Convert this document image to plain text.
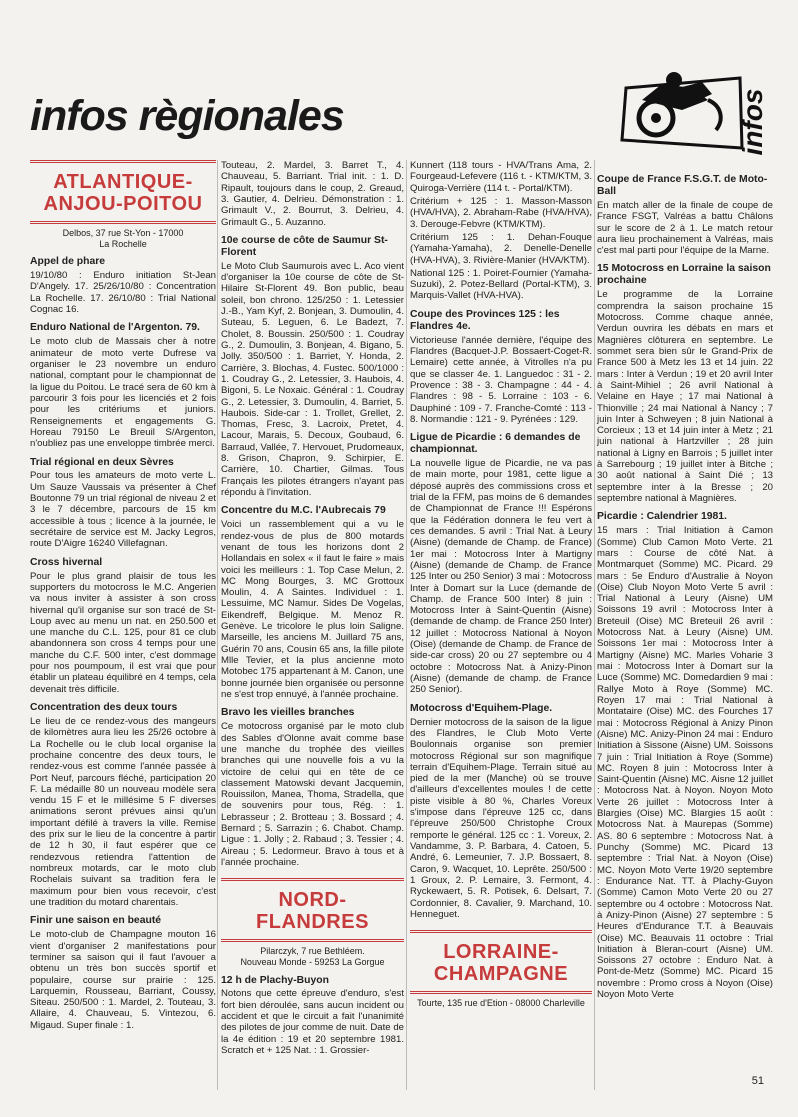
infos règionales	infos
ATLANTIQUE-
ANJOU-POITOU
Delbos, 37 rue St-Yon - 17000
La Rochelle
Appel de phare

19/10/80 : Enduro initiation St-Jean D'Angely. 17. 25/26/10/80 : Concentration La Rochelle. 17. 26/10/80 : Trial National Cognac 16.

Enduro National de l'Argenton. 79.

Le moto club de Massais cher à notre animateur de moto verte Dufrese va organiser le 23 novembre un enduro national, comptant pour le championnat de la ligue du Poitou. Le tracé sera de 60 km à parcourir 3 fois pour les licenciés et 2 fois pour les critériums et juniors. Renseignements et engagements G. Horeau 79150 Le Breuil S/Argenton, n'oubliez pas une enveloppe timbrée merci.

Trial régional en deux Sèvres

Pour tous les amateurs de moto verte L. Um Sauze Vaussais va présenter à Chef Boutonne 79 un trial régional de niveau 2 et 3 le 7 décembre, parcours de 15 km accessible à tous ; licence à la journée, le secrétaire de service est M. Jacky Legros, route D'Aigre 16240 Villefagnan.

Cross hivernal

Pour le plus grand plaisir de tous les supporters du motocross le M.C. Angerien va nous inviter à assister à son cross hivernal qu'il organise sur son tracé de St-Loup avec au menu un nat. en 250.500 et une manche du C.L. 125, pour 81 ce club abandonnera son cross 4 temps pour une manche du C.F. 500 inter, c'est dommage pour nos poumpoum, il est vrai que pour établir un plateau équilibré en 4 temps, cela devenait très difficile.

Concentration des deux tours

Le lieu de ce rendez-vous des mangeurs de kilomètres aura lieu les 25/26 octobre à La Rochelle ou le club local organise la prochaine concentre des deux tours, le rendez-vous est comme l'année passée à Port Neuf, parcours fléché, participation 20 F. La médaille 80 un nouveau modèle sera vendu 15 F et le millésime 5 F diverses animations seront prévues ainsi qu'un important défilé à travers la ville. Remise des prix sur le lieu de la concentre à partir de 12 h 30, il faut espérer que ce rendezvous retiendra l'attention de nombreux motards, car le moto club Rochelais suivant sa tradition fera le maximum pour bien vous recevoir, c'est une tradition du motard charentais.

Finir une saison en beauté

Le moto-club de Champagne mouton 16 vient d'organiser 2 manifestations pour terminer sa saison qui il faut l'avouer a obtenu un très bon succès sportif et populaire, course sur prairie : 125. Larquemin, Rousseau, Barriant, Coussy, Siteau. 250/500 : 1. Mardel, 2. Touteau, 3. Allaire, 4. Chauveau, 5. Vintezou, 6. Migaud. Super finale : 1.

Touteau, 2. Mardel, 3. Barret T., 4. Chauveau, 5. Barriant. Trial init. : 1. D. Ripault, toujours dans le coup, 2. Greaud, 3. Gautier, 4. Delrieu. Démonstration : 1. Grimault V., 2. Bourrut, 3. Delrieu, 4. Grimault G., 5. Auzanno.

10e course de côte de Saumur St-Florent

Le Moto Club Saumurois avec L. Aco vient d'organiser la 10e course de côte de St-Hilaire St-Florent 49. Bon public, beau soleil, bon chrono. 125/250 : 1. Letessier J.-B., Yam Kyf, 2. Bonjean, 3. Dumoulin, 4. Suteau, 5. Leguen, 6. Le Badezt, 7. Cholet, 8. Boussin. 250/500 : 1. Coudray G., 2. Dumoulin, 3. Bonjean, 4. Bigano, 5. Jolly. 350/500 : 1. Barriet, Y. Honda, 2. Carrière, 3. Blochas, 4. Fustec. 500/1000 : 1. Coudray G., 2. Letessier, 3. Haubois, 4. Bigoni, 5. Le Noxaic. Général : 1. Coudray G., 2. Letessier, 3. Dumoulin, 4. Barriet, 5. Haubois. Side-car : 1. Trollet, Grellet, 2. Thomas, Fresc, 3. Lacroix, Pretet, 4. Lacour, Marais, 5. Decoux, Goubaud, 6. Barraud, Vallée, 7. Hervouet, Prudomeaux, 8. Grison, Chapron, 9. Schirpier, E. Carrière, 10. Chartier, Gilmas. Tous Français les pilotes étrangers n'ayant pas répondu à l'invitation.

Concentre du M.C. l'Aubrecais 79

Voici un rassemblement qui a vu le rendez-vous de plus de 800 motards venant de tous les horizons dont 2 Hollandais en solex « il faut le faire » mais voici les meilleurs : 1. Top Case Melun, 2. MC Mong Bourges, 3. MC Grottoux Moulin, 4. A Saintes. Individuel : 1. Lessuime, MC Namur. Sides De Vogelas, Eikendreff, Belgique. M. Menoz R. Genève. Le tricolore le plus loin Saligne. Marseille, les anciens M. Juillard 75 ans, Guérin 70 ans, Cousin 65 ans, la fille pilote Mlle Tevier, et la plus ancienne moto Motobec 175 appartenant à M. Canon, une bonne journée bien organisée ou personne ne s'est trop ennuyé, à l'année prochaine.

Bravo les vieilles branches

Ce motocross organisé par le moto club des Sables d'Olonne avait comme base une manche du trophée des vieilles branches qui une nouvelle fois a vu la victoire de celui qui en tête de ce classement Matowski devant Jacquemin, Rouissilon, Manea, Thoma, Stradella, que de souvenirs pour tous, Rég. : 1. Lebrasseur ; 2. Brotteau ; 3. Bossard ; 4. Bernard ; 5. Sarrazin ; 6. Chabot. Champ. Ligue : 1. Jolly ; 2. Rabaud ; 3. Tessier ; 4. Aireau ; 5. Ledormeur. Bravo à tous et à l'année prochaine.

NORD-
FLANDRES
Pilarczyk, 7 rue Bethléem.
Nouveau Monde - 59253 La Gorgue
12 h de Plachy-Buyon

Notons que cette épreuve d'enduro, s'est fort bien déroulée, sans aucun incident ou accident et que le circuit a fait l'unanimité des pilotes de jour comme de nuit. Date de la 4e édition : 19 et 20 septembre 1981. Scratch et + 125 Nat. : 1. Grossier-

Kunnert (118 tours - HVA/Trans Ama, 2. Fourgeaud-Lefevere (116 t. - KTM/KTM, 3. Quiroga-Verrière (114 t. - Portal/KTM).

Critérium + 125 : 1. Masson-Masson (HVA/HVA), 2. Abraham-Rabe (HVA/HVA), 3. Derouge-Febvre (KTM/KTM).

Critérium 125 : 1. Dehan-Fouque (Yamaha-Yamaha), 2. Denelle-Denelle (HVA-HVA), 3. Rivière-Manier (HVA/KTM).

National 125 : 1. Poiret-Fournier (Yamaha-Suzuki), 2. Potez-Bellard (Portal-KTM), 3. Marquis-Vallet (HVA-HVA).

Coupe des Provinces 125 : les Flandres 4e.

Victorieuse l'année dernière, l'équipe des Flandres (Bacquet-J.P. Bossaert-Coget-R. Lemaire) cette année, à Vitrolles n'a pu que se classer 4e. 1. Languedoc : 31 - 2. Provence : 38 - 3. Champagne : 44 - 4. Flandres : 98 - 5. Lorraine : 103 - 6. Dauphiné : 109 - 7. Franche-Comté : 113 - 8. Normandie : 121 - 9. Pyrénées : 129.

Ligue de Picardie : 6 demandes de championnat.

La nouvelle ligue de Picardie, ne va pas de main morte, pour 1981, cette ligue a déposé auprès des commissions cross et trial de la FFM, pas moins de 6 demandes de Championnat de France !!! Espérons que la Fédération donnera le feu vert à ces demandes. 5 avril : Trial Nat. à Leury (Aisne) (demande de Champ. de France) 1er mai : Motocross Inter à Martigny (Aisne) (demande de Champ. de France 125 Inter ou 250 Senior) 3 mai : Motocross Inter à Domart sur la Luce (demande de Champ. de France 500 Inter) 8 juin : Motocross Inter à Saint-Quentin (Aisne) (demande de champ. de France 250 Inter) 12 juillet : Motocross National à Noyon (Oise) (demande de Champ. de France de side-car cross) 20 ou 27 septembre ou 4 octobre : Motocross Nat. à Anizy-Pinon (Aisne) (demande de champ. de France 250 Senior).

Motocross d'Equihem-Plage.

Dernier motocross de la saison de la ligue des Flandres, le Club Moto Verte Boulonnais organise son premier motocross Régional sur son magnifique terrain d'Equihem-Plage. Terrain situé au pied de la mer (Manche) où se trouve d'ailleurs d'excellentes moules ! de cette piste visible à 80 %, Charles Voreux s'impose dans l'épreuve 125 cc, dans l'épreuve 250/500 Christophe Croux remporte le général. 125 cc : 1. Voreux, 2. Vandamme, 3. P. Barbara, 4. Catoen, 5. André, 6. Lemeunier, 7. J.P. Bossaert, 8. Caron, 9. Wacquet, 10. Leprête. 250/500 : 1 Groux, 2. P. Lemaire, 3. Fermont, 4. Ryckewaert, 5. R. Potisek, 6. Delsart, 7. Cordonnier, 8. Cavalier, 9. Marchand, 10. Henneguet.

LORRAINE-
CHAMPAGNE
Tourte, 135 rue d'Etion - 08000 Charleville
Coupe de France F.S.G.T. de Moto-Ball

En match aller de la finale de coupe de France FSGT, Valréas a battu Châlons sur le score de 2 à 1. Le match retour aura lieu prochainement à Valréas, mais c'est mal parti pour l'équipe de la Marne.

15 Motocross en Lorraine la saison prochaine

Le programme de la Lorraine comprendra la saison prochaine 15 Motocross. Comme chaque année, Verdun ouvrira les débats en mars et Magnières clôturera en septembre. Le sommet sera bien sûr le Grand-Prix de France 500 à Metz les 13 et 14 juin. 22 mars : Inter à Verdun ; 19 et 20 avril Inter à Saint-Mihiel ; 26 avril National à Velaine en Haye ; 17 mai National à Thionville ; 24 mai National à Nancy ; 7 juin Inter à Schweyen ; 8 juin National à Corcieux ; 13 et 14 juin inter à Metz ; 21 juin national à Hartzviller ; 28 juin national à Ligny en Barrois ; 5 juillet inter à Sarrebourg ; 19 juillet inter à Bitche ; 30 août national à Saint Dié ; 13 septembre inter à la Bresse ; 20 septembre national à Magnières.

Picardie : Calendrier 1981.

15 mars : Trial Initiation à Camon (Somme) Club Camon Moto Verte. 21 mars : Course de côté Nat. à Montmarquet (Somme) MC. Picard. 29 mars : 5e Enduro d'Australie à Noyon (Oise) Club Noyon Moto Verte 5 avril : Trial National à Leury (Aisne) UM Soissons 19 avril : Motocross Inter à Breteuil (Oise) MC Breteuil 26 avril : Motocross Nat. à Leury (Aisne) UM. Soissons 1er mai : Motocross Inter à Martigny (Aisne) MC. Marles Voharie 3 mai : Motocross Inter à Domart sur la Luce (Somme) MC. Domedardien 9 mai : Rallye Moto à Roye (Somme) MC. Royen 17 mai : Trial National à Montataire (Oise) MC. des Fourches 17 mai : Motocross Régional à Anizy Pinon (Aisne) MC. Anizy-Pinon 24 mai : Enduro Initiation à Sissone (Aisne) UM. Soissons 7 juin : Trial Initiation à Roye (Somme) MC. Royen 8 juin : Motocross Inter à Saint-Quentin (Aisne) MC. Aisne 12 juillet : Motocross Nat. à Noyon. Noyon Moto Verte 26 juillet : Motocross Inter à Blargies (Oise) MC. Blargies 15 août : Motocross Nat. à Maurepas (Somme) AS. 80 6 septembre : Motocross Nat. à Punchy (Somme) MC. Picard 13 septembre : Trial Nat. à Noyon (Oise) MC. Noyon Moto Verte 19/20 septembre : Endurance Nat. TT. à Plachy-Guyon (Somme) Camon Moto Verte 20 ou 27 septembre ou 4 octobre : Motocross Nat. à Anizy-Pinon (Aisne) 27 septembre : 5 Heures d'Endurance T.T. à Beauvais (Oise) MC. Beauvais 11 octobre : Trial Initiation à Bleran-court (Aisne) UM. Soissons 27 octobre : Enduro Nat. à Pont-de-Metz (Somme) MC. Picard 15 novembre : Promo cross à Noyon (Oise) Noyon Moto Verte

51
